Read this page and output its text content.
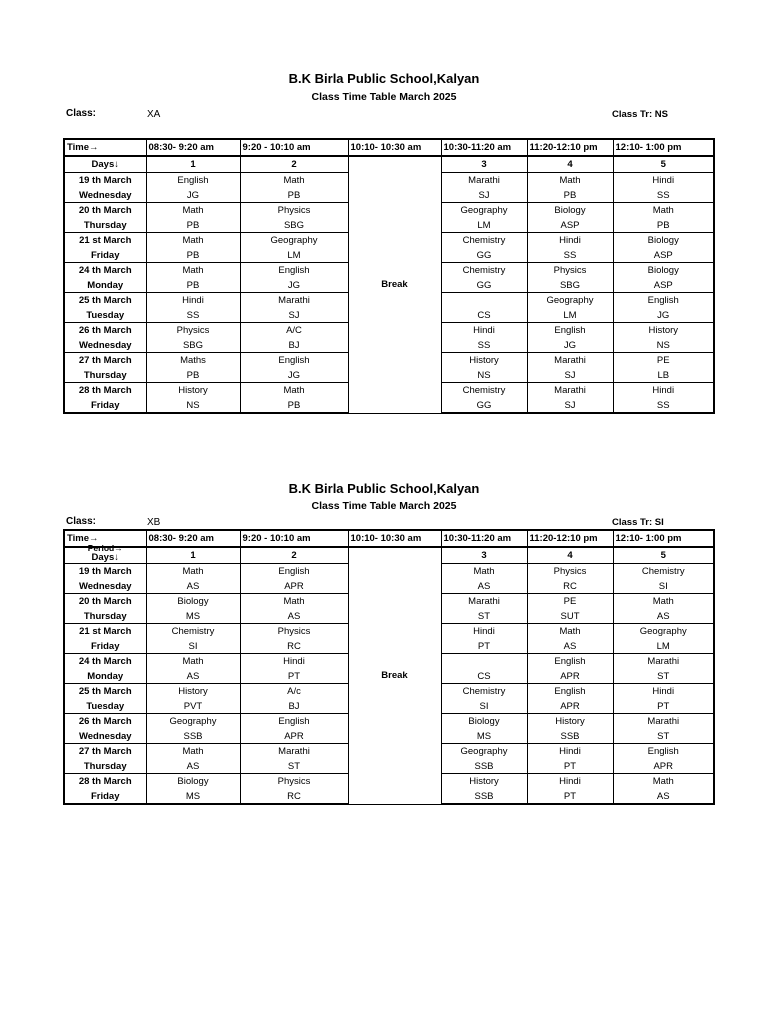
B.K Birla Public School,Kalyan
Class Time Table March 2025
Class:	XA	Class Tr: NS
Time→	08:30- 9:20 am	9:20 - 10:10 am	10:10- 10:30 am	10:30-11:20 am	11:20-12:10 pm	12:10- 1:00 pm

Days↓	1	2	Break	3	4	5
19 th March	English	Math		Marathi	Math	Hindi
Wednesday	JG	PB		SJ	PB	SS
20 th March	Math	Physics		Geography	Biology	Math
Thursday	PB	SBG		LM	ASP	PB
21 st March	Math	Geography		Chemistry	Hindi	Biology
Friday	PB	LM		GG	SS	ASP
24 th March	Math	English		Chemistry	Physics	Biology
Monday	PB	JG		GG	SBG	ASP
25 th March	Hindi	Marathi			Geography	English
Tuesday	SS	SJ		CS	LM	JG
26 th March	Physics	A/C		Hindi	English	History
Wednesday	SBG	BJ		SS	JG	NS
27 th March	Maths	English		History	Marathi	PE
Thursday	PB	JG		NS	SJ	LB
28 th March	History	Math		Chemistry	Marathi	Hindi
Friday	NS	PB		GG	SJ	SS
B.K Birla Public School,Kalyan
Class Time Table March 2025
Class:	XB	Class Tr: SI
Time→	08:30- 9:20 am	9:20 - 10:10 am	10:10- 10:30 am	10:30-11:20 am	11:20-12:10 pm	12:10- 1:00 pm

Period→
Days↓	1	2	Break	3	4	5
19 th March	Math	English		Math	Physics	Chemistry
Wednesday	AS	APR		AS	RC	SI
20 th March	Biology	Math		Marathi	PE	Math
Thursday	MS	AS		ST	SUT	AS
21 st March	Chemistry	Physics		Hindi	Math	Geography
Friday	SI	RC		PT	AS	LM
24 th March	Math	Hindi			English	Marathi
Monday	AS	PT		CS	APR	ST
25 th March	History	A/c		Chemistry	English	Hindi
Tuesday	PVT	BJ		SI	APR	PT
26 th March	Geography	English		Biology	History	Marathi
Wednesday	SSB	APR		MS	SSB	ST
27 th March	Math	Marathi		Geography	Hindi	English
Thursday	AS	ST		SSB	PT	APR
28 th March	Biology	Physics		History	Hindi	Math
Friday	MS	RC		SSB	PT	AS
